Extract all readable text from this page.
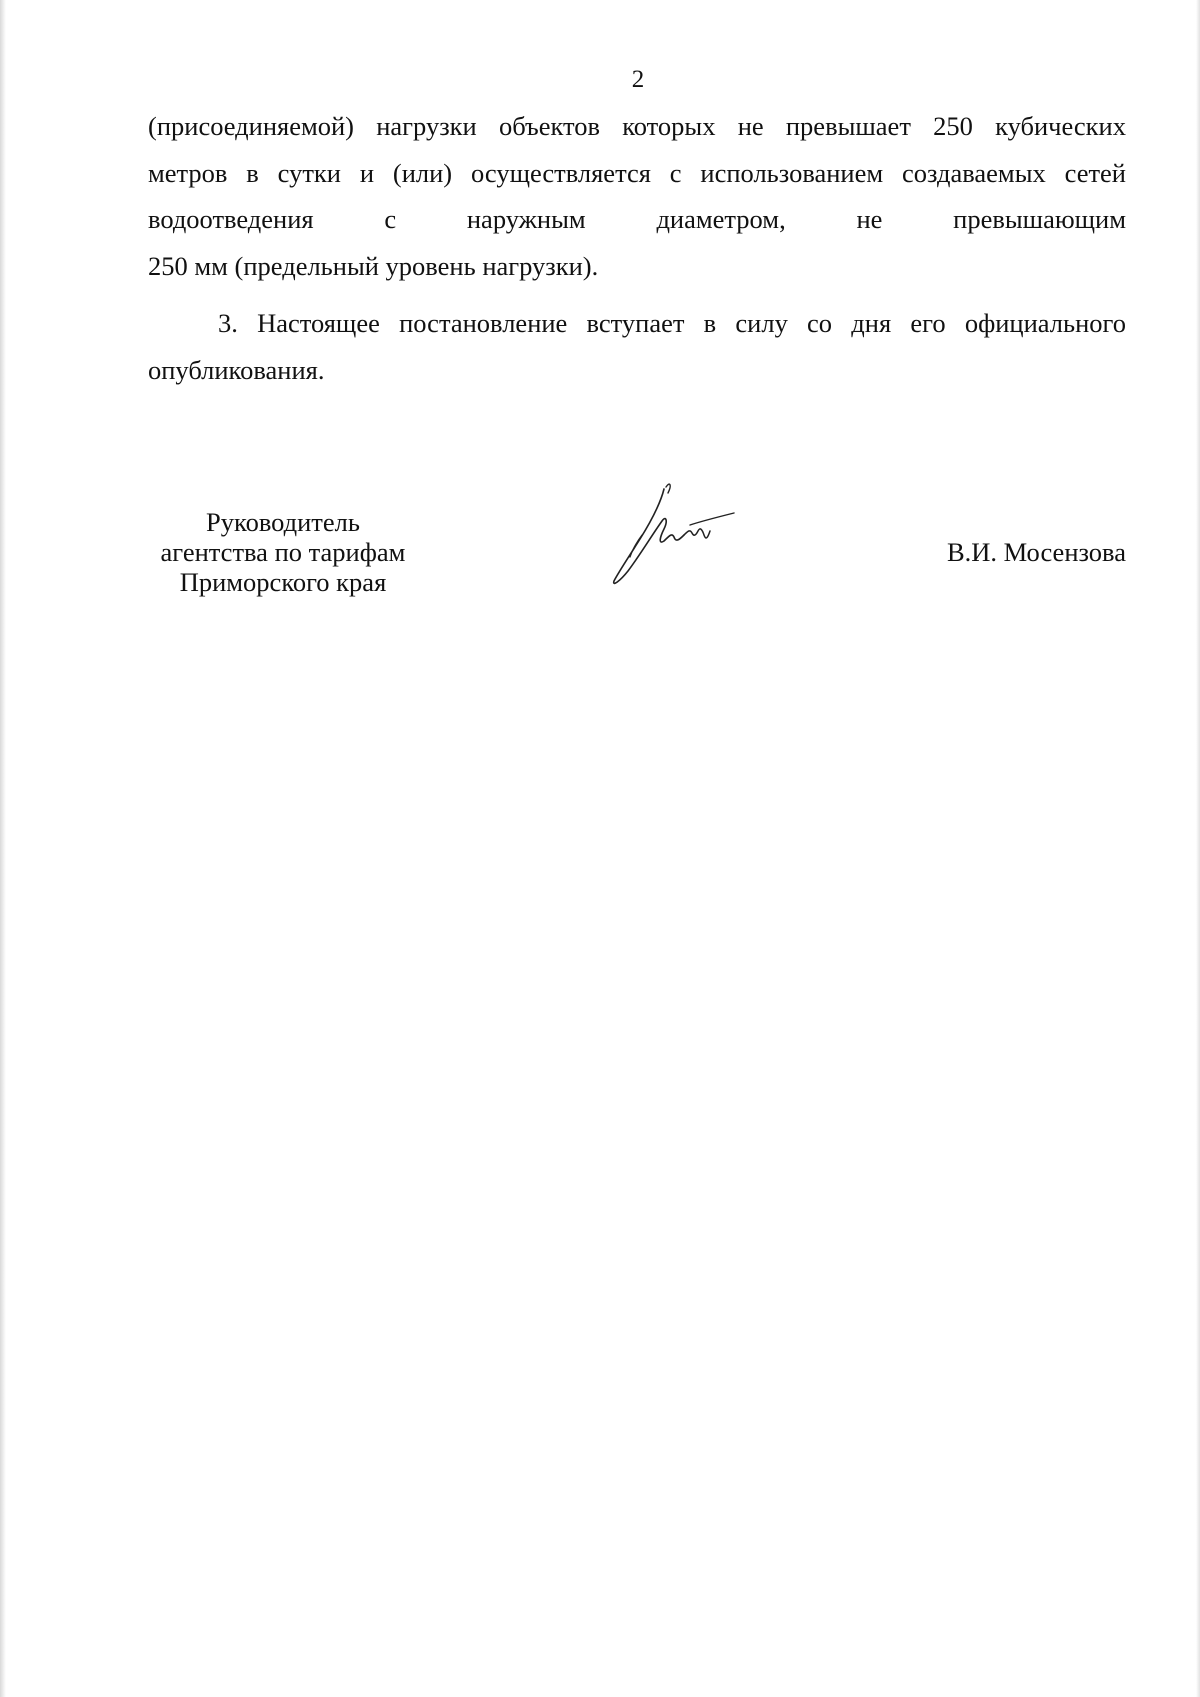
2
(присоединяемой) нагрузки объектов которых не превышает 250 кубических
метров в сутки и (или) осуществляется с использованием создаваемых сетей
водоотведения с наружным диаметром, не превышающим
250 мм (предельный уровень нагрузки).
3. Настоящее постановление вступает в силу со дня его официального опубликования.
Руководитель
агентства по тарифам
Приморского края
В.И. Мосензова
